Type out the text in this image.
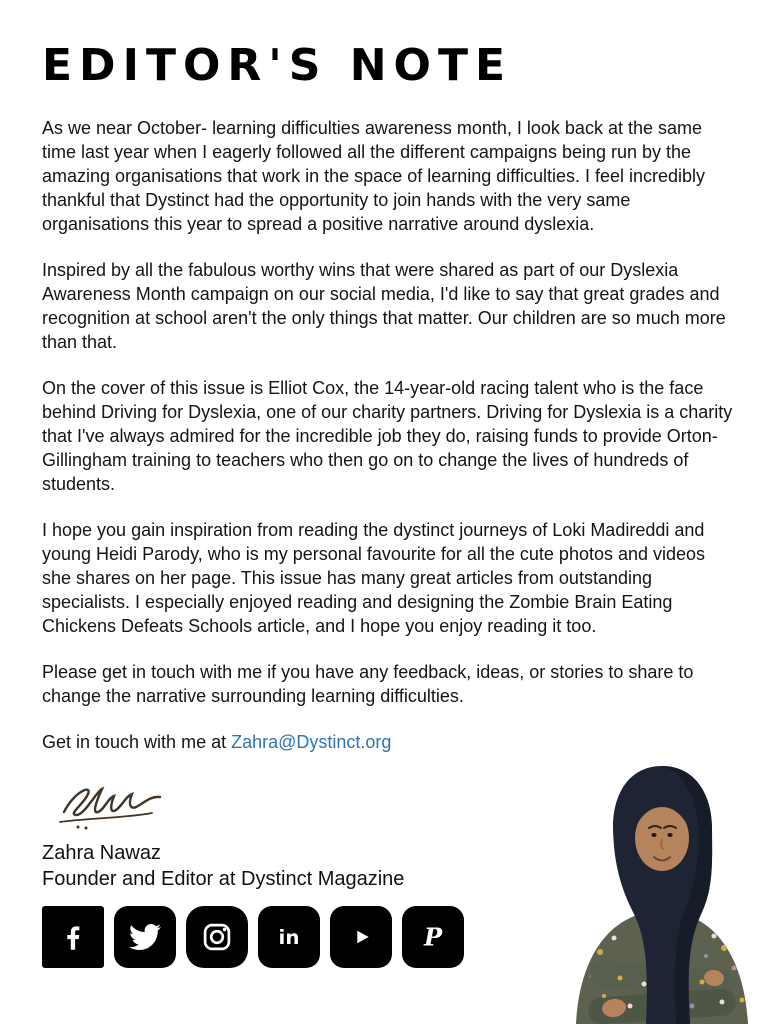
EDITOR'S NOTE

As we near October- learning difficulties awareness month, I look back at the same time last year when I eagerly followed all the different campaigns being run by the amazing organisations that work in the space of learning difficulties. I feel incredibly thankful that Dystinct had the opportunity to join hands with the very same organisations this year to spread a positive narrative around dyslexia.

Inspired by all the fabulous worthy wins that were shared as part of our Dyslexia Awareness Month campaign on our social media, I'd like to say that great grades and recognition at school aren't the only things that matter. Our children are so much more than that.

On the cover of this issue is Elliot Cox, the 14-year-old racing talent who is the face behind Driving for Dyslexia, one of our charity partners. Driving for Dyslexia is a charity that I've always admired for the incredible job they do, raising funds to provide Orton-Gillingham training to teachers who then go on to change the lives of hundreds of students.

I hope you gain inspiration from reading the dystinct journeys of Loki Madireddi and young Heidi Parody, who is my personal favourite for all the cute photos and videos she shares on her page. This issue has many great articles from outstanding specialists. I especially enjoyed reading and designing the Zombie Brain Eating Chickens Defeats Schools article, and I hope you enjoy reading it too.

Please get in touch with me if you have any feedback, ideas, or stories to share to change the narrative surrounding learning difficulties.

Get in touch with me at Zahra@Dystinct.org

Zahra Nawaz
Founder and Editor at Dystinct Magazine
in	P
